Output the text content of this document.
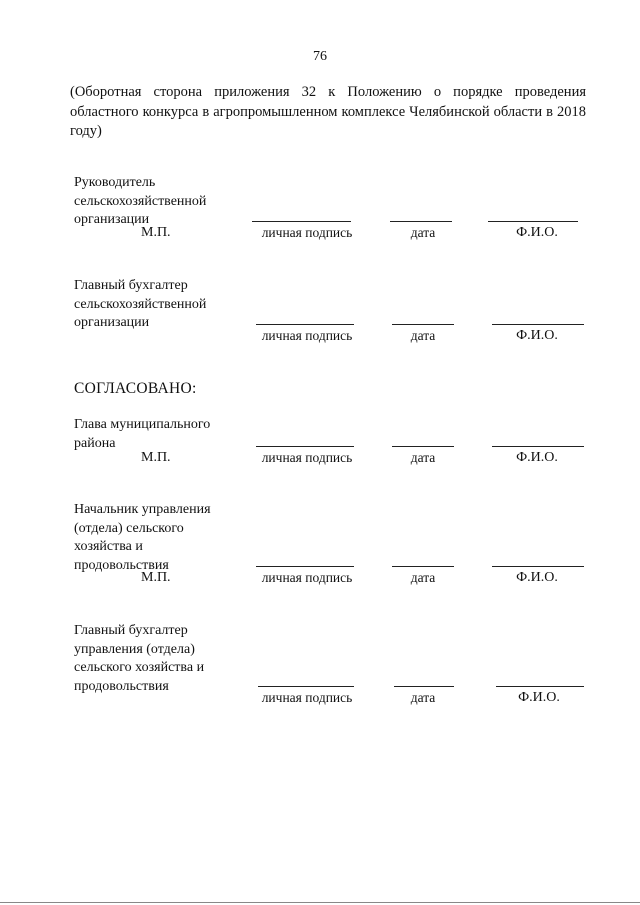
76
(Оборотная сторона приложения 32 к Положению о порядке проведения областного конкурса в агропромышленном комплексе Челябинской области в 2018 году)
Руководитель
сельскохозяйственной
организации
М.П.	личная подпись	дата	Ф.И.О.
Главный бухгалтер
сельскохозяйственной
организации
личная подпись	дата	Ф.И.О.
СОГЛАСОВАНО:
Глава муниципального
района
М.П.	личная подпись	дата	Ф.И.О.
Начальник управления
(отдела) сельского
хозяйства и
продовольствия
М.П.	личная подпись	дата	Ф.И.О.
Главный бухгалтер
управления (отдела)
сельского хозяйства и
продовольствия
личная подпись	дата	Ф.И.О.
